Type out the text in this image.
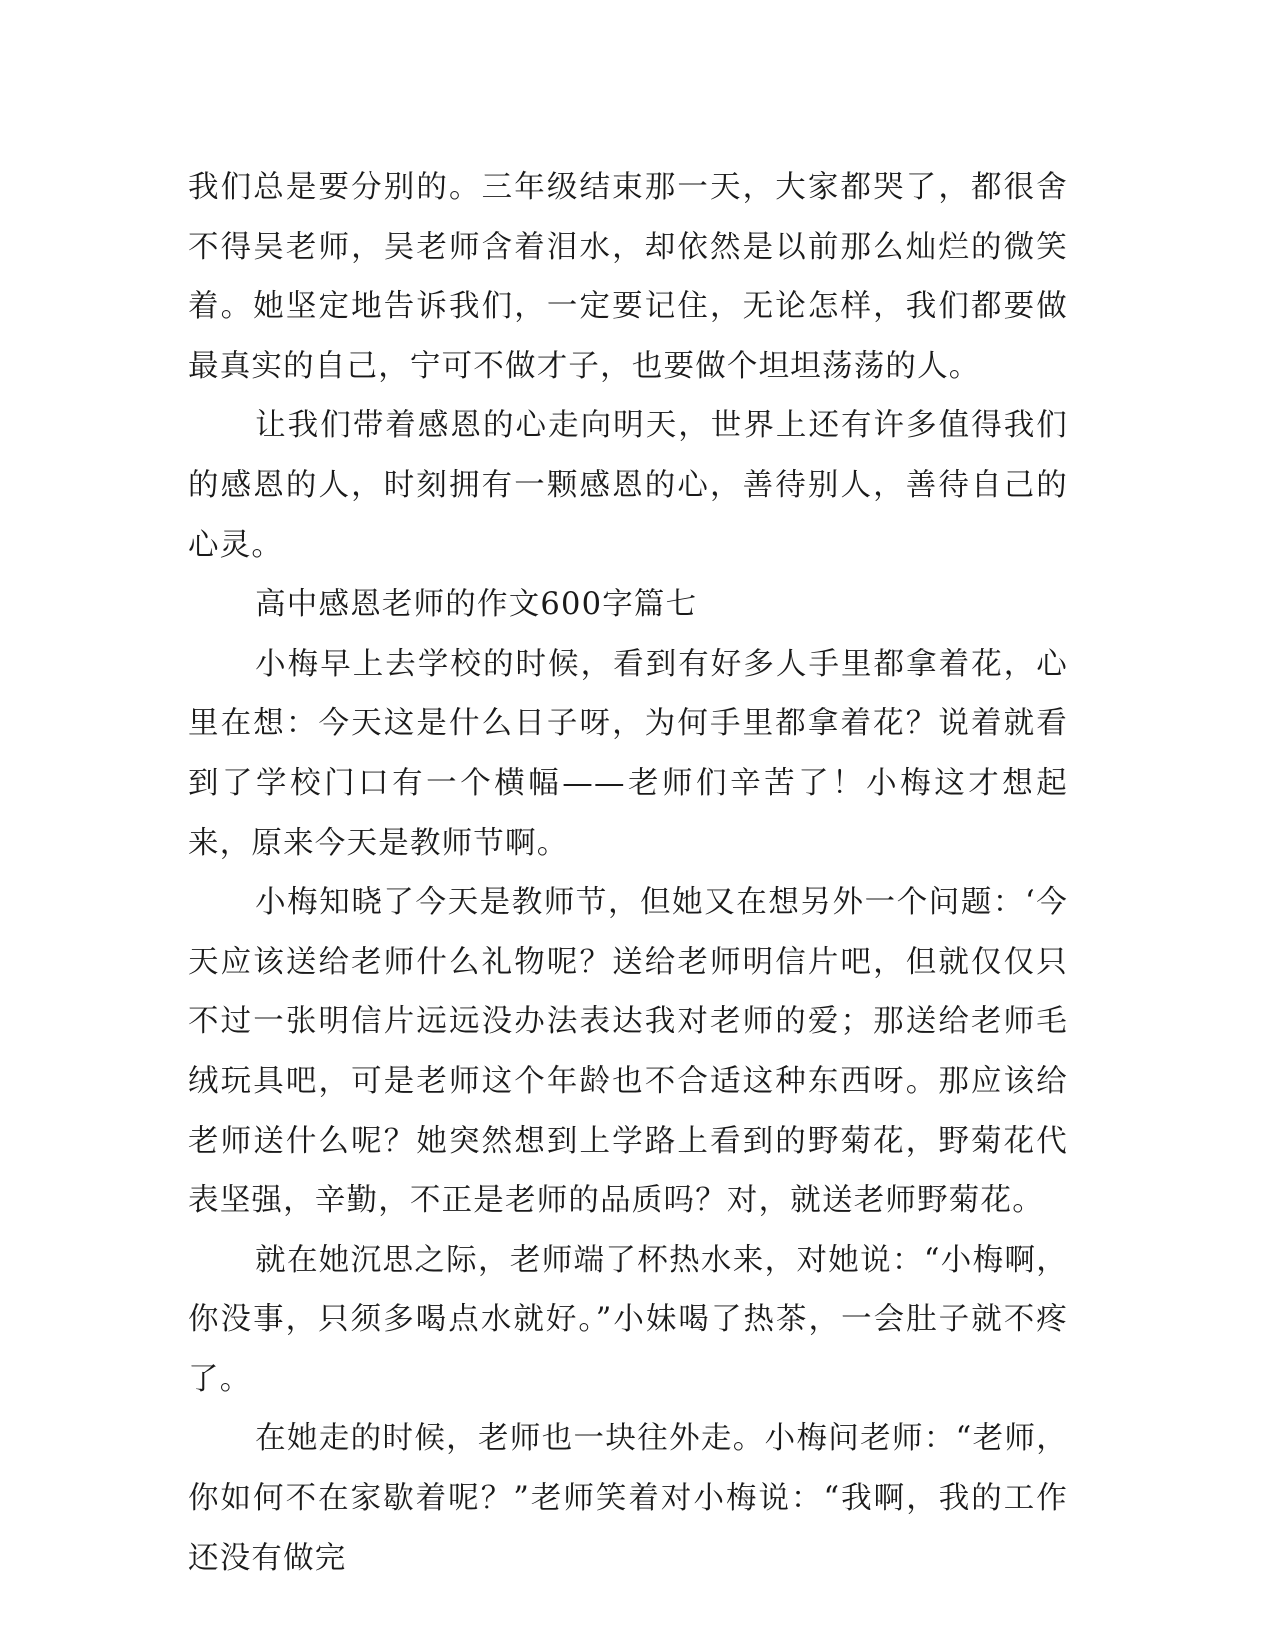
我们总是要分别的。三年级结束那一天，大家都哭了，都很舍不得吴老师，吴老师含着泪水，却依然是以前那么灿烂的微笑着。她坚定地告诉我们，一定要记住，无论怎样，我们都要做最真实的自己，宁可不做才子，也要做个坦坦荡荡的人。

让我们带着感恩的心走向明天，世界上还有许多值得我们的感恩的人，时刻拥有一颗感恩的心，善待别人，善待自己的心灵。

高中感恩老师的作文600字篇七

小梅早上去学校的时候，看到有好多人手里都拿着花，心里在想：今天这是什么日子呀，为何手里都拿着花？说着就看到了学校门口有一个横幅——老师们辛苦了！小梅这才想起来，原来今天是教师节啊。

小梅知晓了今天是教师节，但她又在想另外一个问题：‘今天应该送给老师什么礼物呢？送给老师明信片吧，但就仅仅只不过一张明信片远远没办法表达我对老师的爱；那送给老师毛绒玩具吧，可是老师这个年龄也不合适这种东西呀。那应该给老师送什么呢？她突然想到上学路上看到的野菊花，野菊花代表坚强，辛勤，不正是老师的品质吗？对，就送老师野菊花。

就在她沉思之际，老师端了杯热水来，对她说：“小梅啊，你没事，只须多喝点水就好。”小妹喝了热茶，一会肚子就不疼了。

在她走的时候，老师也一块往外走。小梅问老师：“老师，你如何不在家歇着呢？”老师笑着对小梅说：“我啊，我的工作还没有做完
